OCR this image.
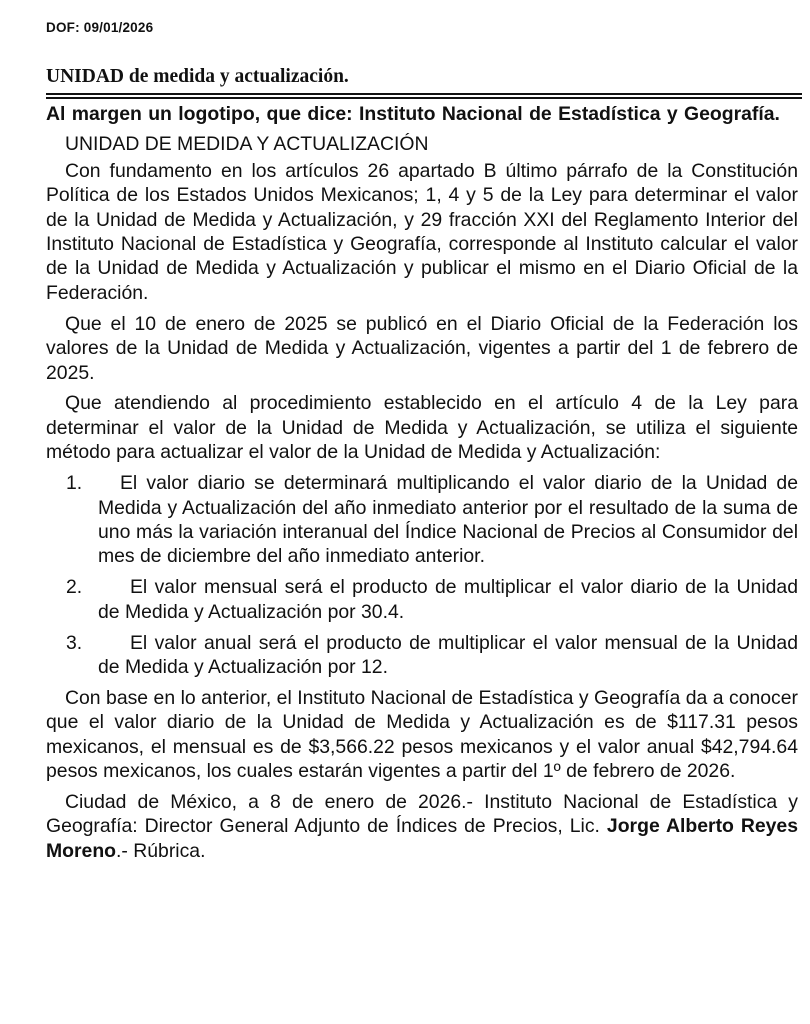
DOF: 09/01/2026
UNIDAD de medida y actualización.

Al margen un logotipo, que dice: Instituto Nacional de Estadística y Geografía.

UNIDAD DE MEDIDA Y ACTUALIZACIÓN

Con fundamento en los artículos 26 apartado B último párrafo de la Constitución Política de los Estados Unidos Mexicanos; 1, 4 y 5 de la Ley para determinar el valor de la Unidad de Medida y Actualización, y 29 fracción XXI del Reglamento Interior del Instituto Nacional de Estadística y Geografía, corresponde al Instituto calcular el valor de la Unidad de Medida y Actualización y publicar el mismo en el Diario Oficial de la Federación.

Que el 10 de enero de 2025 se publicó en el Diario Oficial de la Federación los valores de la Unidad de Medida y Actualización, vigentes a partir del 1 de febrero de 2025.

Que atendiendo al procedimiento establecido en el artículo 4 de la Ley para determinar el valor de la Unidad de Medida y Actualización, se utiliza el siguiente método para actualizar el valor de la Unidad de Medida y Actualización:

1.	El valor diario se determinará multiplicando el valor diario de la Unidad de Medida y Actualización del año inmediato anterior por el resultado de la suma de uno más la variación interanual del Índice Nacional de Precios al Consumidor del mes de diciembre del año inmediato anterior.
2.	El valor mensual será el producto de multiplicar el valor diario de la Unidad de Medida y Actualización por 30.4.
3.	El valor anual será el producto de multiplicar el valor mensual de la Unidad de Medida y Actualización por 12.

Con base en lo anterior, el Instituto Nacional de Estadística y Geografía da a conocer que el valor diario de la Unidad de Medida y Actualización es de $117.31 pesos mexicanos, el mensual es de $3,566.22 pesos mexicanos y el valor anual $42,794.64 pesos mexicanos, los cuales estarán vigentes a partir del 1º de febrero de 2026.

Ciudad de México, a 8 de enero de 2026.- Instituto Nacional de Estadística y Geografía: Director General Adjunto de Índices de Precios, Lic. Jorge Alberto Reyes Moreno.- Rúbrica.
